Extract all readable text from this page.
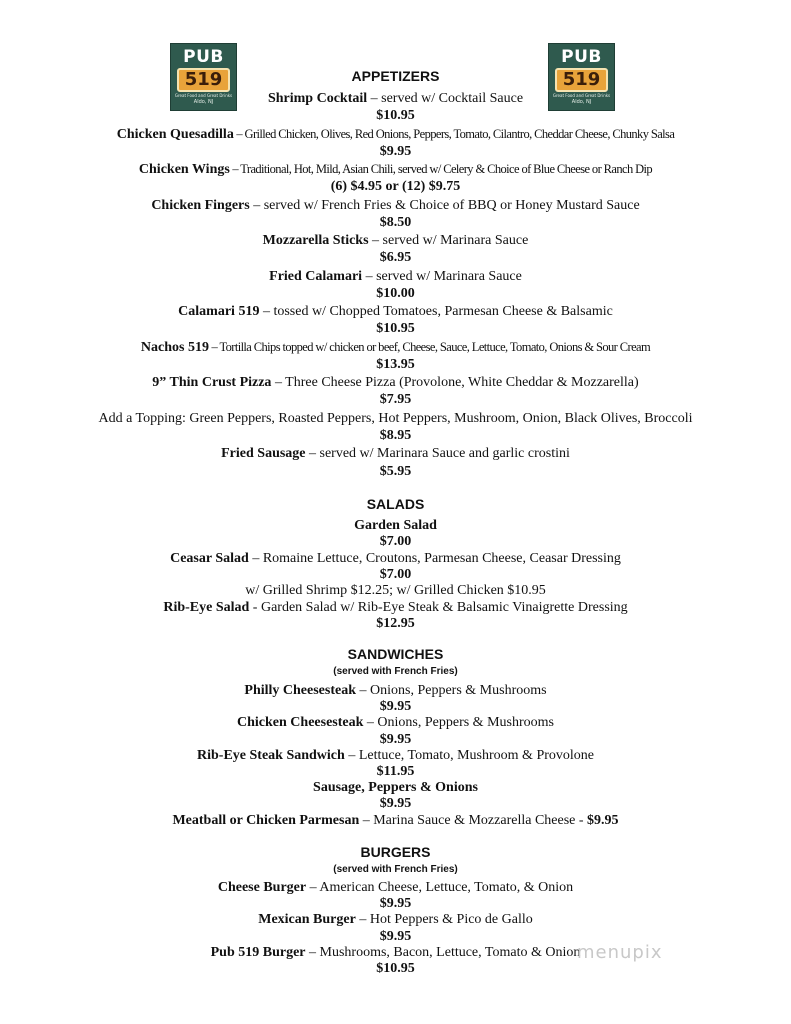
PUB
519
Great Food and Great Drinks
Aldo, NJ
PUB
519
Great Food and Great Drinks
Aldo, NJ
APPETIZERS
Shrimp Cocktail – served w/ Cocktail Sauce
$10.95
Chicken Quesadilla – Grilled Chicken, Olives, Red Onions, Peppers, Tomato, Cilantro, Cheddar Cheese, Chunky Salsa
$9.95
Chicken Wings – Traditional, Hot, Mild, Asian Chili, served w/ Celery & Choice of Blue Cheese or Ranch Dip
(6) $4.95 or (12) $9.75
Chicken Fingers – served w/ French Fries & Choice of BBQ or Honey Mustard Sauce
$8.50
Mozzarella Sticks – served w/ Marinara Sauce
$6.95
Fried Calamari – served w/ Marinara Sauce
$10.00
Calamari 519 – tossed w/ Chopped Tomatoes, Parmesan Cheese & Balsamic
$10.95
Nachos 519 – Tortilla Chips topped w/ chicken or beef, Cheese, Sauce, Lettuce, Tomato, Onions & Sour Cream
$13.95
9” Thin Crust Pizza – Three Cheese Pizza (Provolone, White Cheddar & Mozzarella)
$7.95
Add a Topping: Green Peppers, Roasted Peppers, Hot Peppers, Mushroom, Onion, Black Olives, Broccoli
$8.95
Fried Sausage – served w/ Marinara Sauce and garlic crostini
$5.95
SALADS
Garden Salad
$7.00
Ceasar Salad – Romaine Lettuce, Croutons, Parmesan Cheese, Ceasar Dressing
$7.00
w/ Grilled Shrimp $12.25; w/ Grilled Chicken $10.95
Rib-Eye Salad - Garden Salad w/ Rib-Eye Steak & Balsamic Vinaigrette Dressing
$12.95
SANDWICHES
(served with French Fries)
Philly Cheesesteak – Onions, Peppers & Mushrooms
$9.95
Chicken Cheesesteak – Onions, Peppers & Mushrooms
$9.95
Rib-Eye Steak Sandwich – Lettuce, Tomato, Mushroom & Provolone
$11.95
Sausage, Peppers & Onions
$9.95
Meatball or Chicken Parmesan – Marina Sauce & Mozzarella Cheese - $9.95
BURGERS
(served with French Fries)
Cheese Burger – American Cheese, Lettuce, Tomato, & Onion
$9.95
Mexican Burger – Hot Peppers & Pico de Gallo
$9.95
Pub 519 Burger – Mushrooms, Bacon, Lettuce, Tomato & Onion
$10.95
menupix
